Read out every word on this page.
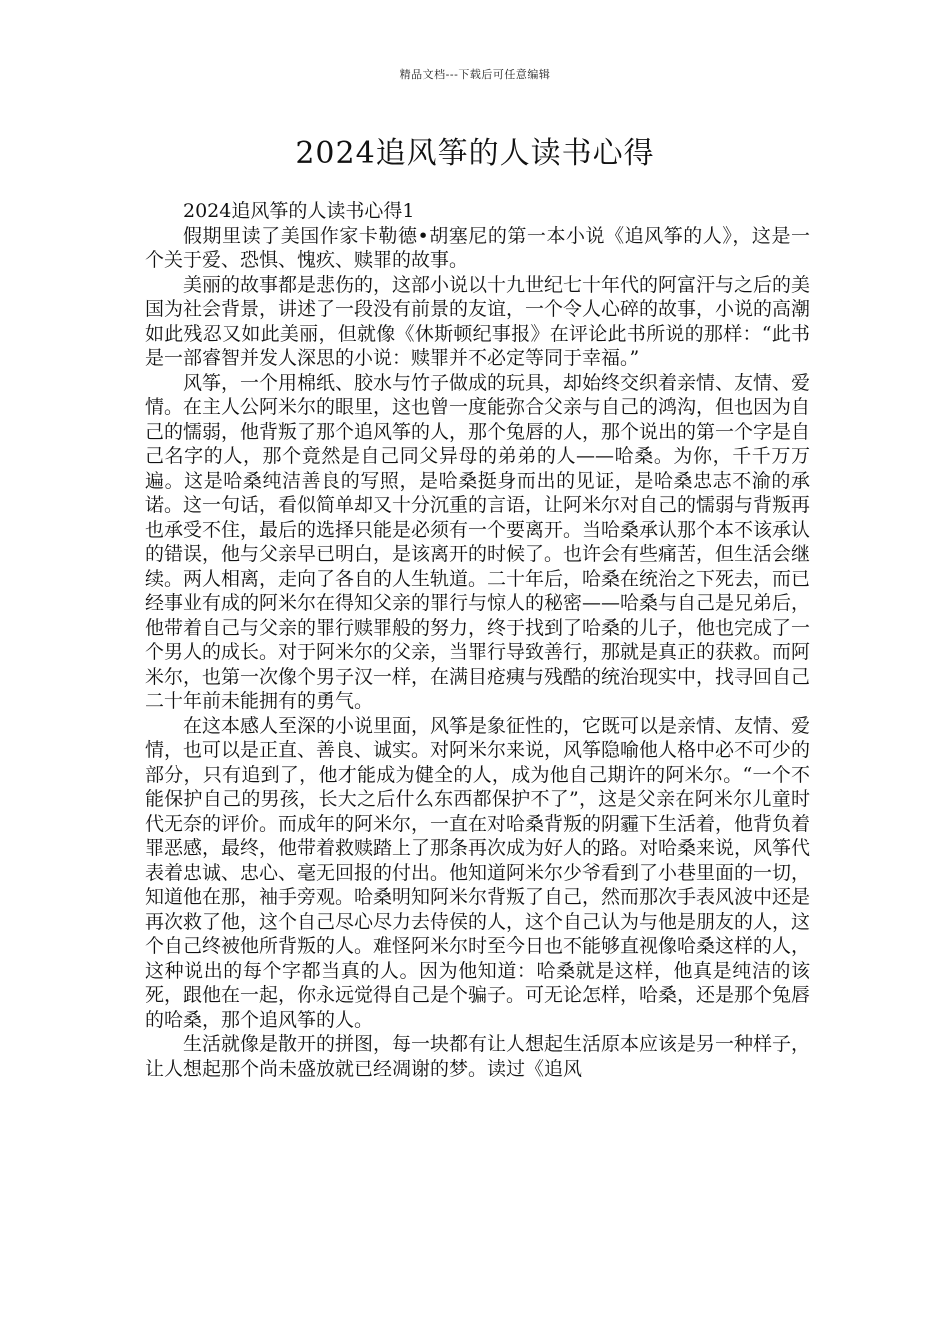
精品文档---下载后可任意编辑
2024追风筝的人读书心得

2024追风筝的人读书心得1

假期里读了美国作家卡勒德•胡塞尼的第一本小说《追风筝的人》，这是一个关于爱、恐惧、愧疚、赎罪的故事。

美丽的故事都是悲伤的，这部小说以十九世纪七十年代的阿富汗与之后的美国为社会背景，讲述了一段没有前景的友谊，一个令人心碎的故事，小说的高潮如此残忍又如此美丽，但就像《休斯顿纪事报》在评论此书所说的那样：“此书是一部睿智并发人深思的小说：赎罪并不必定等同于幸福。”

风筝，一个用棉纸、胶水与竹子做成的玩具，却始终交织着亲情、友情、爱情。在主人公阿米尔的眼里，这也曾一度能弥合父亲与自己的鸿沟，但也因为自己的懦弱，他背叛了那个追风筝的人，那个兔唇的人，那个说出的第一个字是自己名字的人，那个竟然是自己同父异母的弟弟的人——哈桑。为你，千千万万遍。这是哈桑纯洁善良的写照，是哈桑挺身而出的见证，是哈桑忠志不渝的承诺。这一句话，看似简单却又十分沉重的言语，让阿米尔对自己的懦弱与背叛再也承受不住，最后的选择只能是必须有一个要离开。当哈桑承认那个本不该承认的错误，他与父亲早已明白，是该离开的时候了。也许会有些痛苦，但生活会继续。两人相离，走向了各自的人生轨道。二十年后，哈桑在统治之下死去，而已经事业有成的阿米尔在得知父亲的罪行与惊人的秘密——哈桑与自己是兄弟后，他带着自己与父亲的罪行赎罪般的努力，终于找到了哈桑的儿子，他也完成了一个男人的成长。对于阿米尔的父亲，当罪行导致善行，那就是真正的获救。而阿米尔，也第一次像个男子汉一样，在满目疮痍与残酷的统治现实中，找寻回自己二十年前未能拥有的勇气。

在这本感人至深的小说里面，风筝是象征性的，它既可以是亲情、友情、爱情，也可以是正直、善良、诚实。对阿米尔来说，风筝隐喻他人格中必不可少的部分，只有追到了，他才能成为健全的人，成为他自己期许的阿米尔。“一个不能保护自己的男孩，长大之后什么东西都保护不了”，这是父亲在阿米尔儿童时代无奈的评价。而成年的阿米尔，一直在对哈桑背叛的阴霾下生活着，他背负着罪恶感，最终，他带着救赎踏上了那条再次成为好人的路。对哈桑来说，风筝代表着忠诚、忠心、毫无回报的付出。他知道阿米尔少爷看到了小巷里面的一切，知道他在那，袖手旁观。哈桑明知阿米尔背叛了自己，然而那次手表风波中还是再次救了他，这个自己尽心尽力去侍侯的人，这个自己认为与他是朋友的人，这个自己终被他所背叛的人。难怪阿米尔时至今日也不能够直视像哈桑这样的人，这种说出的每个字都当真的人。因为他知道：哈桑就是这样，他真是纯洁的该死，跟他在一起，你永远觉得自己是个骗子。可无论怎样，哈桑，还是那个兔唇的哈桑，那个追风筝的人。

生活就像是散开的拼图，每一块都有让人想起生活原本应该是另一种样子，让人想起那个尚未盛放就已经凋谢的梦。读过《追风
